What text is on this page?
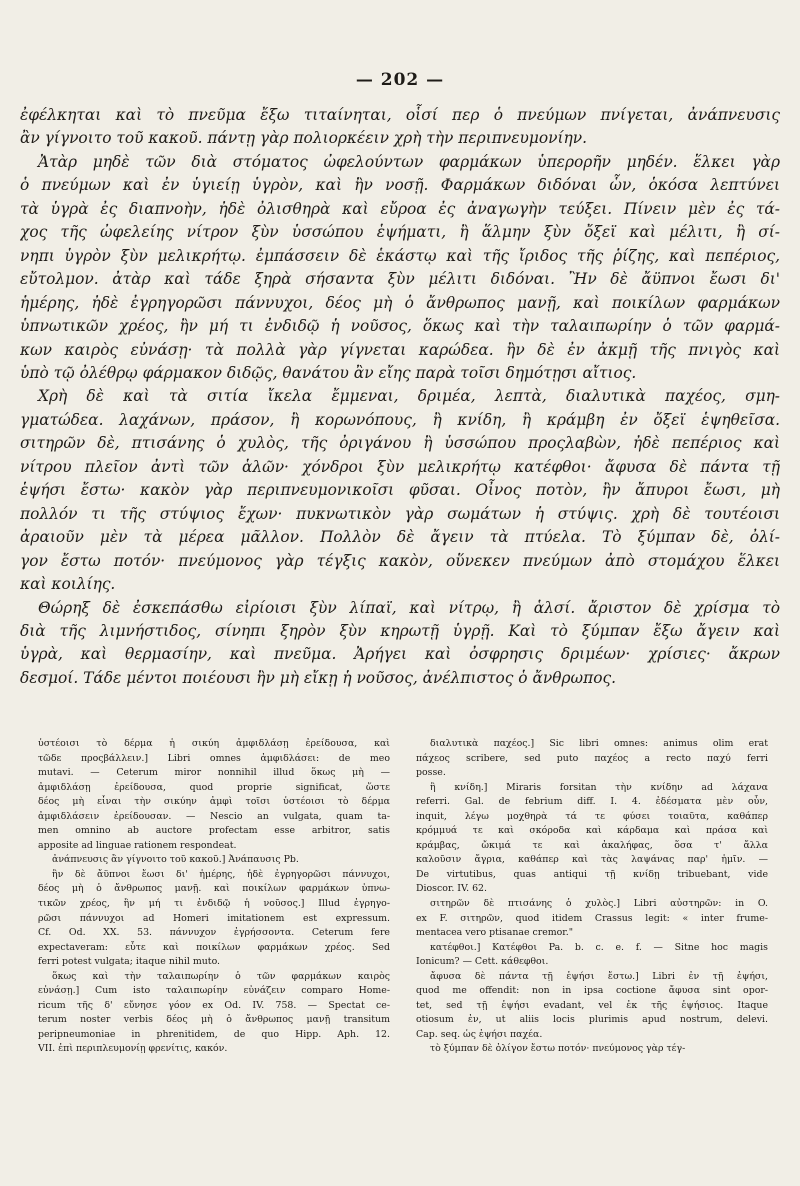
— 202 —
ἐφέλκηται καὶ τὸ πνεῦμα ἔξω τιταίνηται, οἷσί περ ὁ πνεύμων πνίγεται, ἀνάπνευσις
ἂν γίγνοιτο τοῦ κακοῦ. πάντῃ γὰρ πολιορκέειν χρὴ τὴν περιπνευμονίην.
Ἀτὰρ μηδὲ τῶν διὰ στόματος ὠφελούντων φαρμάκων ὑπερορῆν μηδέν. ἕλκει γὰρ
ὁ πνεύμων καὶ ἐν ὑγιείῃ ὑγρὸν, καὶ ἢν νοσῇ. Φαρμάκων διδόναι ὧν, ὁκόσα λεπτύνει
τὰ ὑγρὰ ἐς διαπνοὴν, ἠδὲ ὀλισθηρὰ καὶ εὔροα ἐς ἀναγωγὴν τεύξει. Πίνειν μὲν ἐς τά-
χος τῆς ὠφελείης νίτρον ξὺν ὑσσώπου ἑψήματι, ἢ ἅλμην ξὺν ὄξεϊ καὶ μέλιτι, ἢ σί-
νηπι ὑγρὸν ξὺν μελικρήτῳ. ἐμπάσσειν δὲ ἑκάστῳ καὶ τῆς ἴριδος τῆς ῥίζης, καὶ πεπέριος,
εὔτολμον. ἀτὰρ καὶ τάδε ξηρὰ σήσαντα ξὺν μέλιτι διδόναι. Ἢν δὲ ἄϋπνοι ἔωσι δι'
ἡμέρης, ἠδὲ ἐγρηγορῶσι πάννυχοι, δέος μὴ ὁ ἄνθρωπος μανῇ, καὶ ποικίλων φαρμάκων
ὑπνωτικῶν χρέος, ἢν μή τι ἐνδιδῷ ἡ νοῦσος, ὅκως καὶ τὴν ταλαιπωρίην ὁ τῶν φαρμά-
κων καιρὸς εὐνάσῃ· τὰ πολλὰ γὰρ γίγνεται καρώδεα. ἢν δὲ ἐν ἀκμῇ τῆς πνιγὸς καὶ
ὑπὸ τῷ ὀλέθρῳ φάρμακον διδῷς, θανάτου ἂν εἴης παρὰ τοῖσι δημότῃσι αἴτιος.
Χρὴ δὲ καὶ τὰ σιτία ἴκελα ἔμμεναι, δριμέα, λεπτὰ, διαλυτικὰ παχέος, σμη-
γματώδεα. λαχάνων, πράσον, ἢ κορωνόπους, ἢ κνίδη, ἢ κράμβη ἐν ὄξεϊ ἑψηθεῖσα.
σιτηρῶν δὲ, πτισάνης ὁ χυλὸς, τῆς ὀριγάνου ἢ ὑσσώπου προςλαβὼν, ἠδὲ πεπέριος καὶ
νίτρου πλεῖον ἀντὶ τῶν ἁλῶν· χόνδροι ξὺν μελικρήτῳ κατέφθοι· ἄφυσα δὲ πάντα τῇ
ἑψήσι ἔστω· κακὸν γὰρ περιπνευμονικοῖσι φῦσαι. Οἶνος ποτὸν, ἢν ἄπυροι ἔωσι, μὴ
πολλόν τι τῆς στύψιος ἔχων· πυκνωτικὸν γὰρ σωμάτων ἡ στύψις. χρὴ δὲ τουτέοισι
ἀραιοῦν μὲν τὰ μέρεα μᾶλλον. Πολλὸν δὲ ἄγειν τὰ πτύελα. Τὸ ξύμπαν δὲ, ὀλί-
γον ἔστω ποτόν· πνεύμονος γὰρ τέγξις κακὸν, οὕνεκεν πνεύμων ἀπὸ στομάχου ἕλκει
καὶ κοιλίης.
Θώρηξ δὲ ἐσκεπάσθω εἰρίοισι ξὺν λίπαϊ, καὶ νίτρῳ, ἢ ἁλσί. ἄριστον δὲ χρίσμα τὸ
διὰ τῆς λιμνήστιδος, σίνηπι ξηρὸν ξὺν κηρωτῇ ὑγρῇ. Καὶ τὸ ξύμπαν ἔξω ἄγειν καὶ
ὑγρὰ, καὶ θερμασίην, καὶ πνεῦμα. Ἀρήγει καὶ ὀσφρησις δριμέων· χρίσιες· ἄκρων
δεσμοί. Τάδε μέντοι ποιέουσι ἢν μὴ εἴκῃ ἡ νοῦσος, ἀνέλπιστος ὁ ἄνθρωπος.
ὑστέοισι τὸ δέρμα ἡ σικύη ἀμφιδλάσῃ ἐρείδουσα, καὶ
τῶδε προςβάλλειν.] Libri omnes ἀμφιδλάσει: de meo
mutavi. — Ceterum miror nonnihil illud ὅκως μὴ —
ἀμφιδλάσῃ ἐρείδουσα, quod proprie significat, ὥστε
δέος μὴ εἶναι τὴν σικύην ἀμφὶ τοῖσι ὑστέοισι τὸ δέρμα
ἀμφιδλάσειν ἐρείδουσαν. — Nescio an vulgata, quam ta-
men omnino ab auctore profectam esse arbitror, satis
apposite ad linguae rationem respondeat.
ἀνάπνευσις ἂν γίγνοιτο τοῦ κακοῦ.] Ἀνάπαυσις Pb.
ἢν δὲ ἄϋπνοι ἔωσι δι' ἡμέρης, ἠδὲ ἐγρηγορῶσι πάννυχοι,
δέος μὴ ὁ ἄνθρωπος μανῇ. καὶ ποικίλων φαρμάκων ὑπνω-
τικῶν χρέος, ἢν μή τι ἐνδιδῷ ἡ νοῦσος.] Illud ἐγρηγο-
ρῶσι πάννυχοι ad Homeri imitationem est expressum.
Cf. Od. XX. 53. πάννυχον ἐγρήσσοντα. Ceterum fere
expectaveram: εὗτε καὶ ποικίλων φαρμάκων χρέος. Sed
ferri potest vulgata; itaque nihil muto.
ὅκως καὶ τὴν ταλαιπωρίην ὁ τῶν φαρμάκων καιρὸς
εὐνάσῃ.] Cum isto ταλαιπωρίην εὐνάζειν comparo Home-
ricum τῆς δ' εὔνησε γόον ex Od. IV. 758. — Spectat ce-
terum noster verbis δέος μὴ ὁ ἄνθρωπος μανῇ transitum
peripneumoniae in phrenitidem, de quo Hipp. Aph. 12.
VII. ἐπὶ περιπλευμονίῃ φρενίτις, κακόν.
διαλυτικὰ παχέος.] Sic libri omnes: animus olim erat
πάχεος scribere, sed puto παχέος a recto παχύ ferri
posse.
ἢ κνίδη.] Miraris forsitan τὴν κνίδην ad λάχανα
referri. Gal. de febrium diff. I. 4. ἐδέσματα μὲν οὖν,
inquit, λέγω μοχθηρὰ τά τε φύσει τοιαῦτα, καθάπερ
κρόμμυά τε καὶ σκόροδα καὶ κάρδαμα καὶ πράσα καὶ
κράμβας, ὤκιμά τε καὶ ἀκαλήφας, ὅσα τ' ἄλλα
καλοῦσιν ἄγρια, καθάπερ καὶ τὰς λαψάνας παρ' ἡμῖν. —
De virtutibus, quas antiqui τῇ κνίδῃ tribuebant, vide
Dioscor. IV. 62.
σιτηρῶν δὲ πτισάνης ὁ χυλὸς.] Libri αὐστηρῶν: in O.
ex F. σιτηρῶν, quod itidem Crassus legit: « inter frume-
mentacea vero ptisanae cremor."
κατέφθοι.] Κατέφθοι Pa. b. c. e. f. — Sitne hoc magis
Ionicum? — Cett. κάθεφθοι.
ἄφυσα δὲ πάντα τῇ ἑψήσι ἔστω.] Libri ἐν τῇ ἑψήσι,
quod me offendit: non in ipsa coctione ἄφυσα sint opor-
tet, sed τῇ ἑψήσι evadant, vel ἐκ τῆς ἑψήσιος. Itaque
otiosum ἐν, ut aliis locis plurimis apud nostrum, delevi.
Cap. seq. ὡς ἑψήσι παχέα.
τὸ ξύμπαν δὲ ὀλίγον ἔστω ποτόν· πνεύμονος γὰρ τέγ-
